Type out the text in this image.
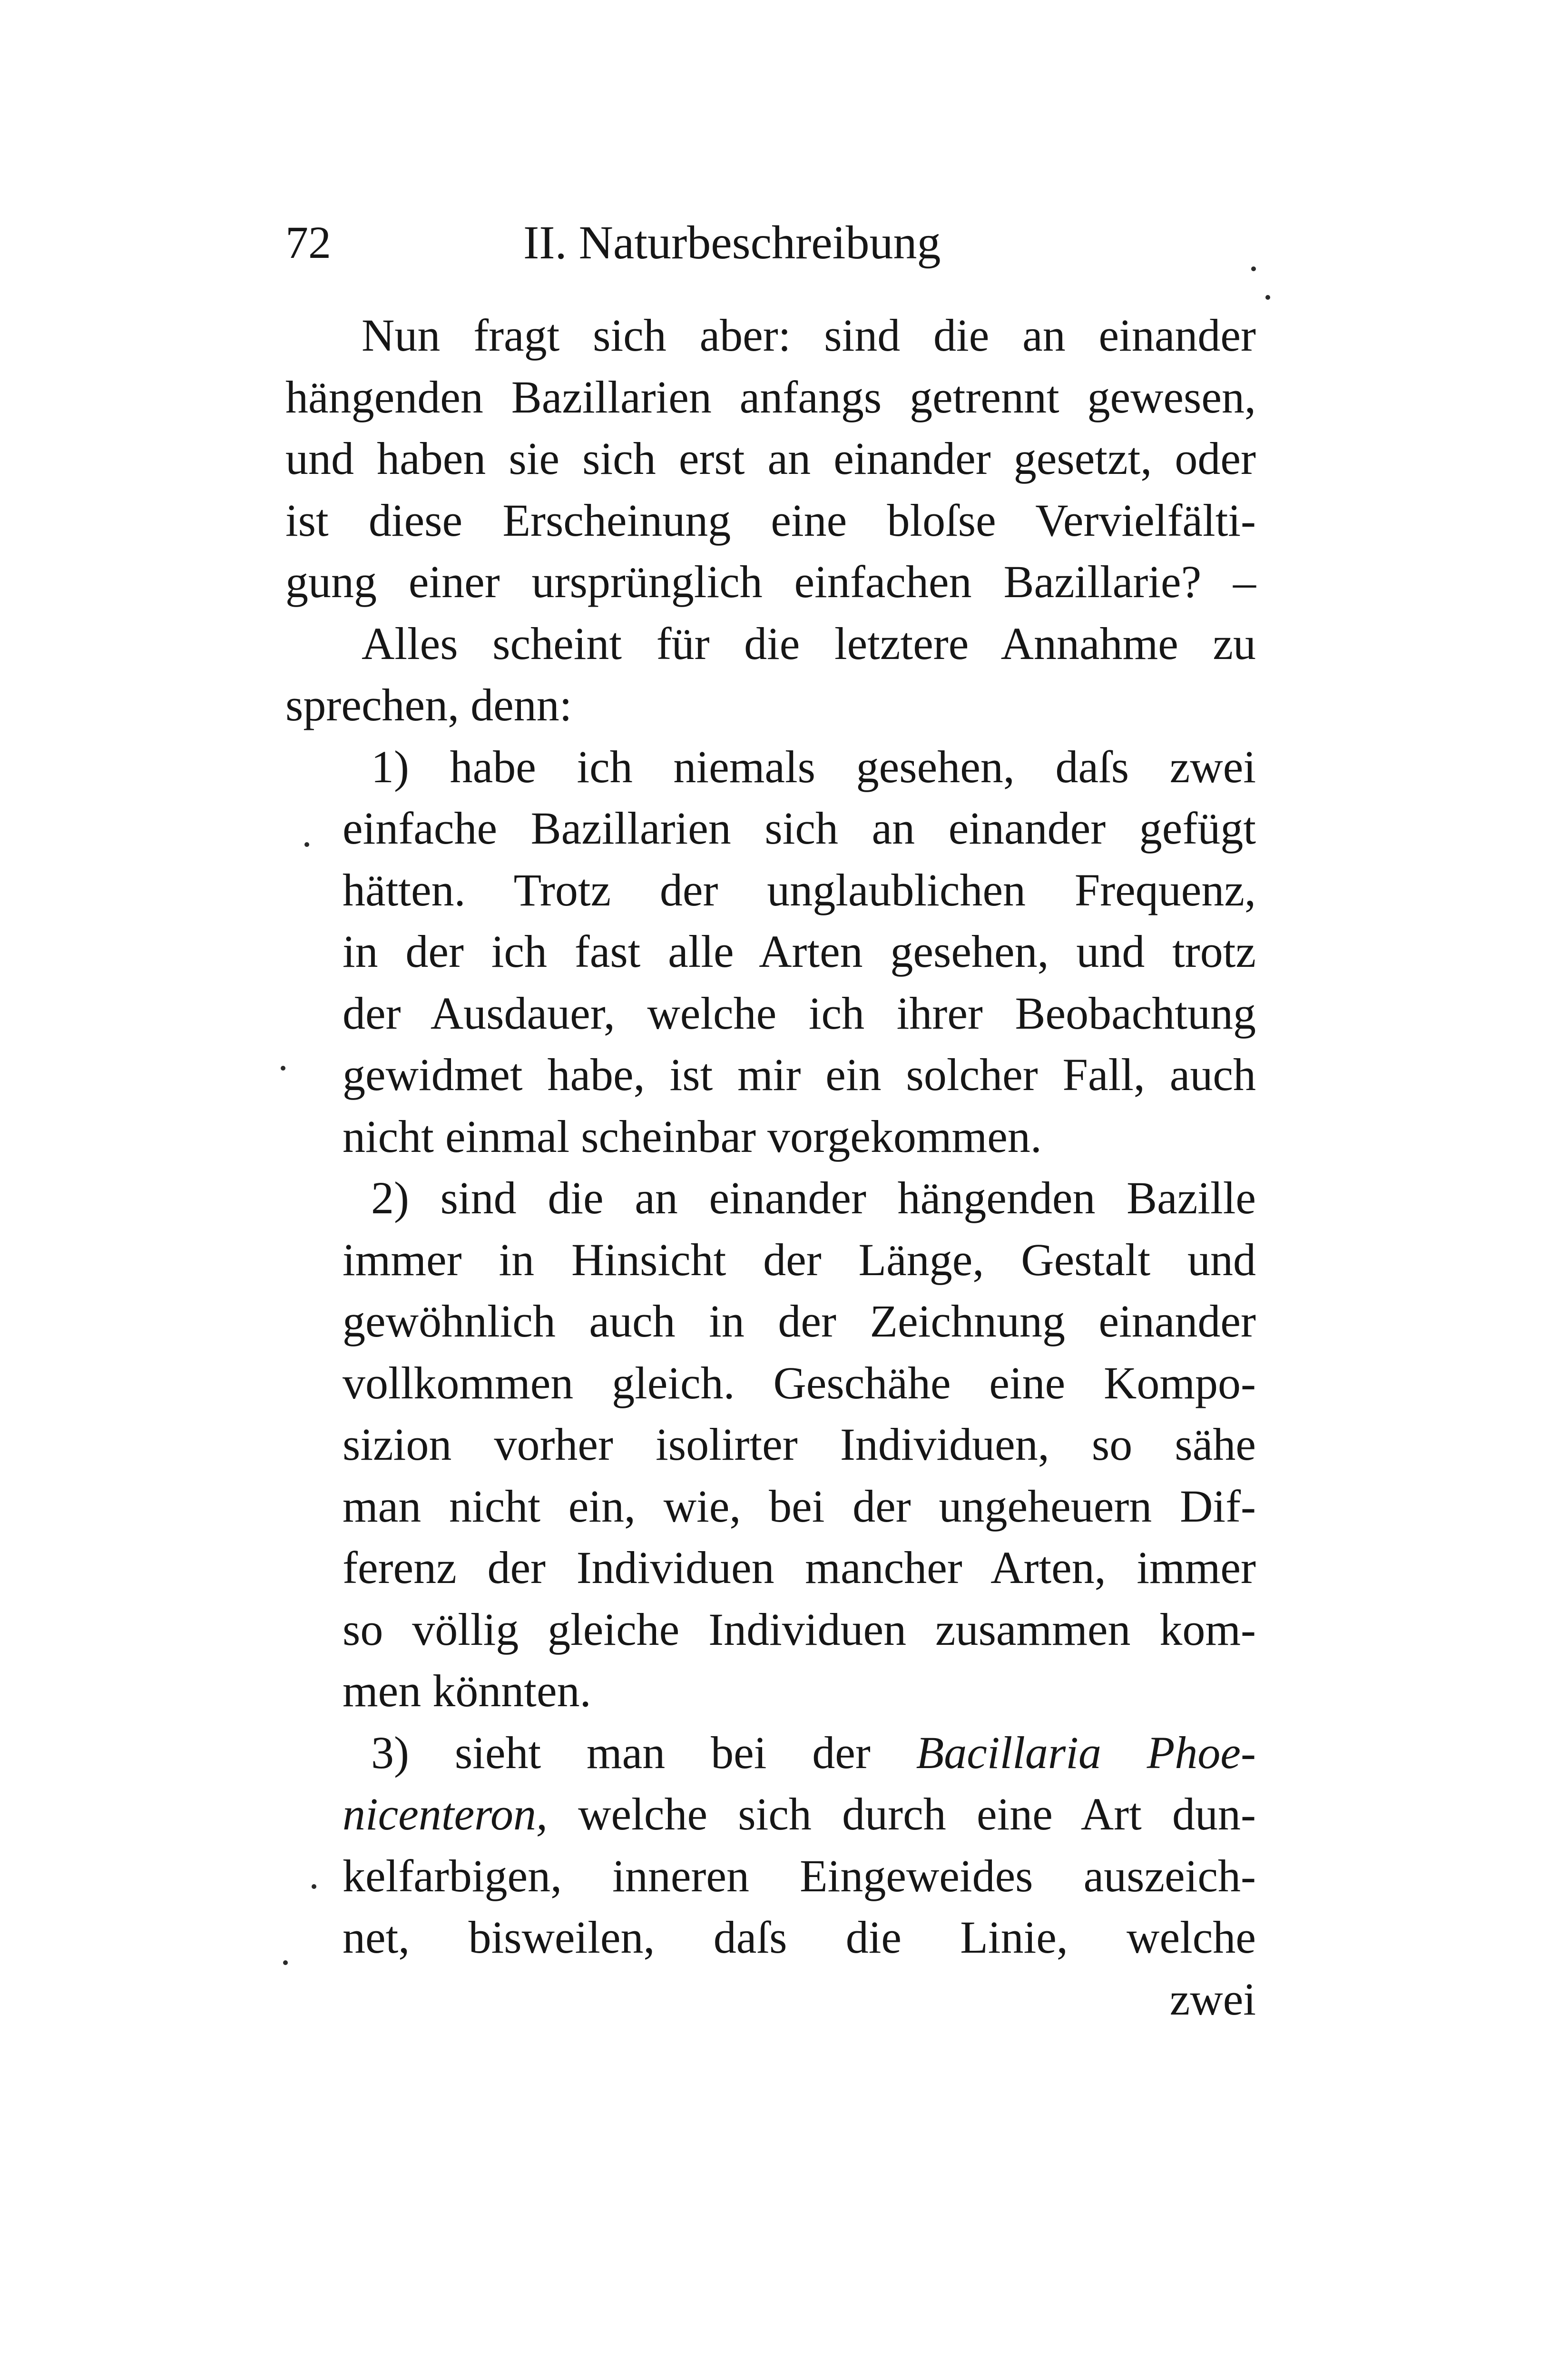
72	II. Naturbeschreibung
Nun fragt sich aber: sind die an einander
hängenden Bazillarien anfangs getrennt gewesen,
und haben sie sich erst an einander gesetzt, oder
ist diese Erscheinung eine bloſse Vervielfälti-
gung einer ursprünglich einfachen Bazillarie? –
Alles scheint für die letztere Annahme zu
sprechen, denn:
1) habe ich niemals gesehen, daſs zwei
einfache Bazillarien sich an einander gefügt
hätten. Trotz der unglaublichen Frequenz,
in der ich fast alle Arten gesehen, und trotz
der Ausdauer, welche ich ihrer Beobachtung
gewidmet habe, ist mir ein solcher Fall, auch
nicht einmal scheinbar vorgekommen.
2) sind die an einander hängenden Bazille
immer in Hinsicht der Länge, Gestalt und
gewöhnlich auch in der Zeichnung einander
vollkommen gleich. Geschähe eine Kompo-
sizion vorher isolirter Individuen, so sähe
man nicht ein, wie, bei der ungeheuern Dif-
ferenz der Individuen mancher Arten, immer
so völlig gleiche Individuen zusammen kom-
men könnten.
3) sieht man bei der Bacillaria Phoe-
nicenteron, welche sich durch eine Art dun-
kelfarbigen, inneren Eingeweides auszeich-
net, bisweilen, daſs die Linie, welche
zwei
